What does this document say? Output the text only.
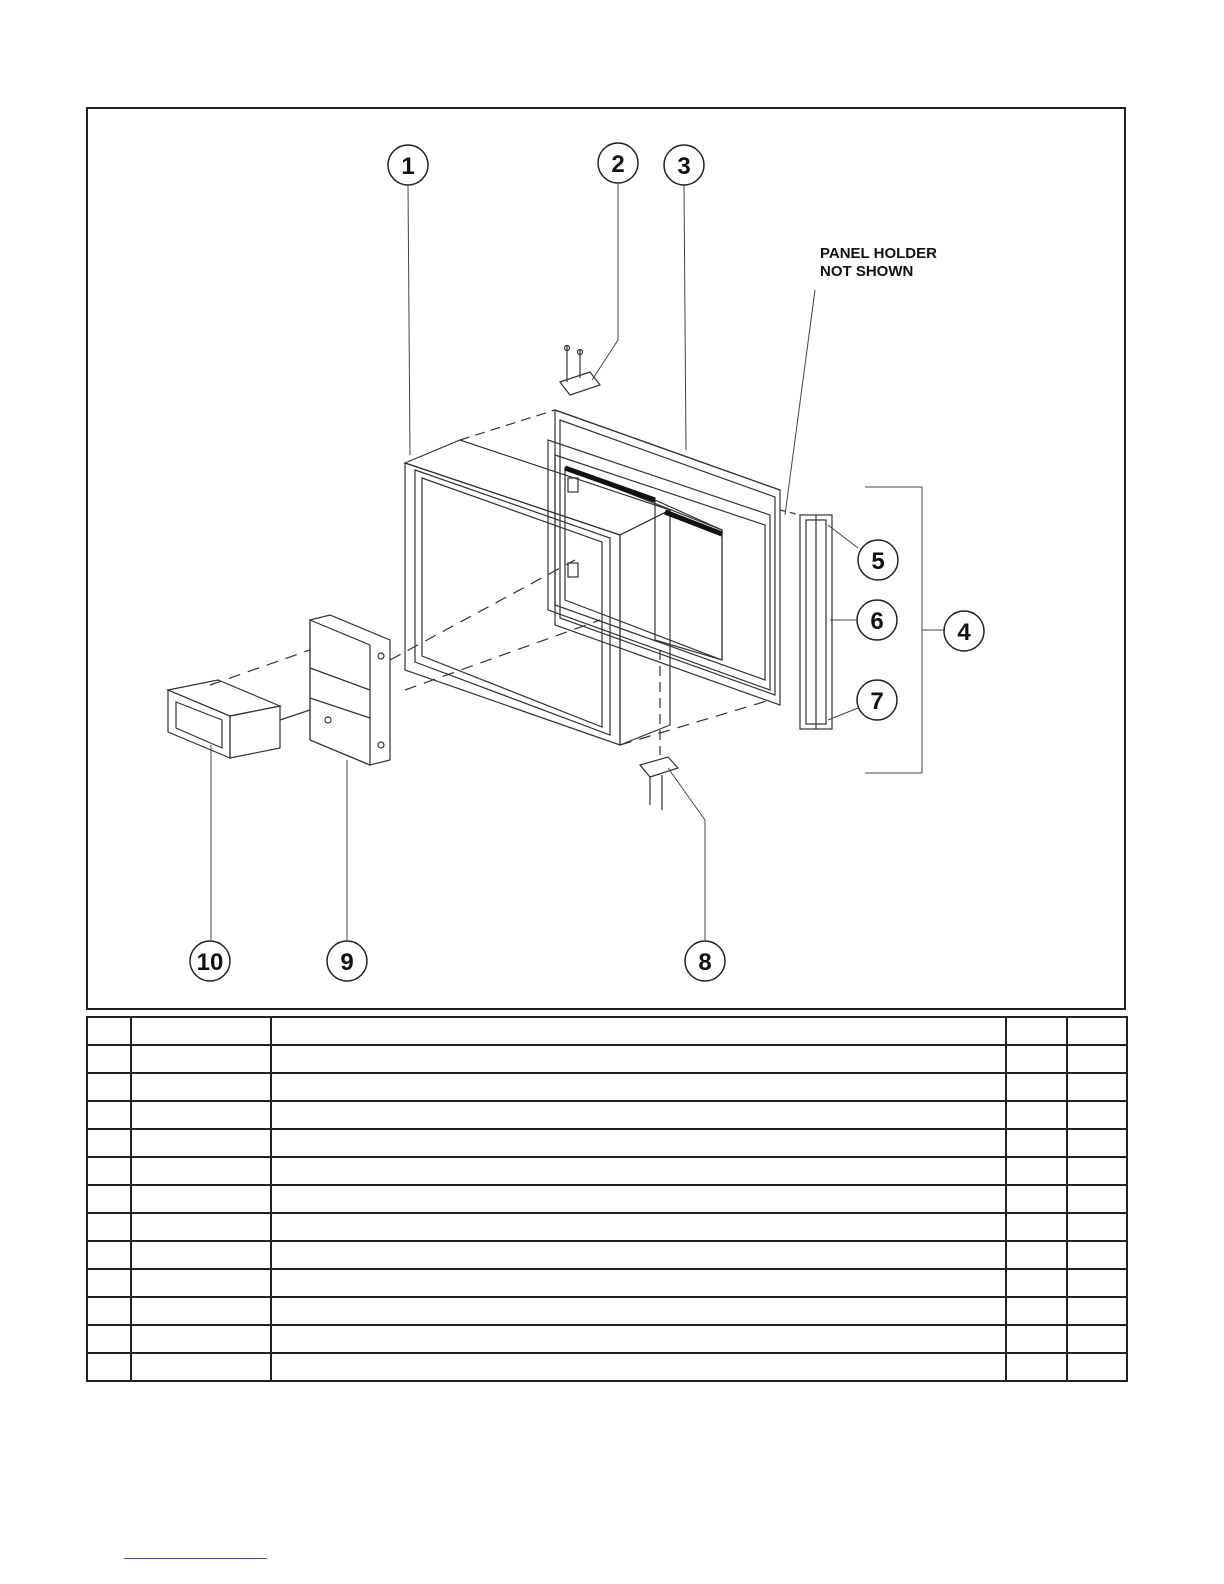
1	2 3
4
5
6
7
8
9
10
PANEL HOLDER
NOT SHOWN
